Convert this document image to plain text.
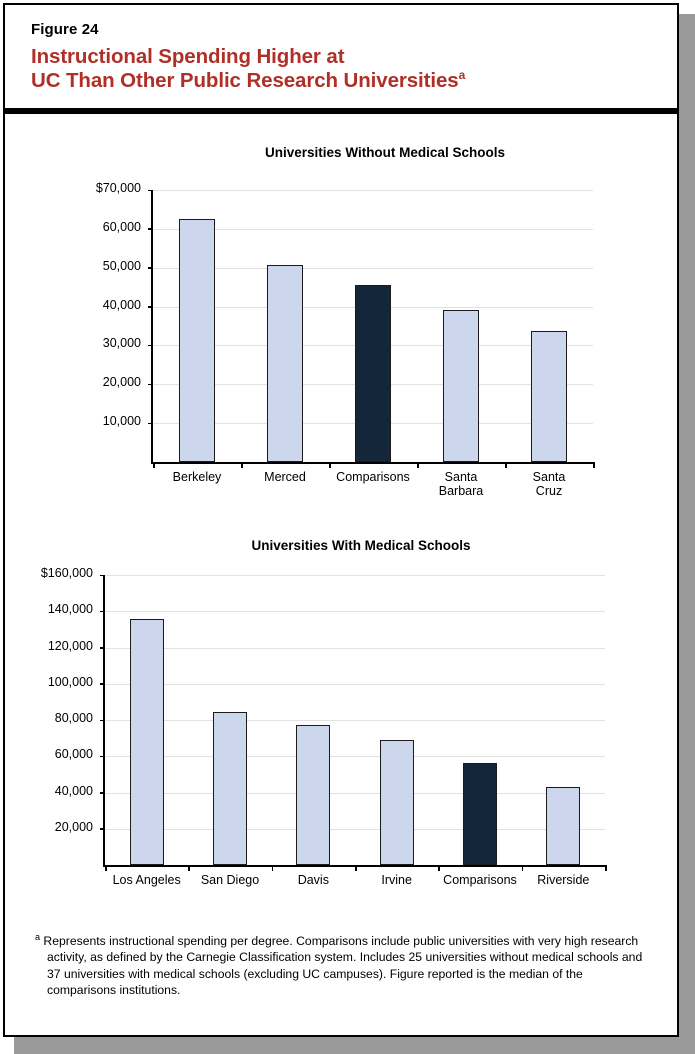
Figure 24
Instructional Spending Higher at
UC Than Other Public Research Universities$^a$
Universities Without Medical Schools
$70,000
60,000
50,000
40,000
30,000
20,000
10,000
Berkeley	Merced	Comparisons	Santa
Barbara
Santa
Cruz
Universities With Medical Schools
$160,000
140,000
120,000
100,000
80,000
60,000
40,000
20,000
Los Angeles	San Diego	Davis	Irvine	Comparisons	Riverside
$^a$ Represents instructional spending per degree. Comparisons include public universities with very high research activity, as defined by the Carnegie Classification system. Includes 25 universities without medical schools and 37 universities with medical schools (excluding UC campuses). Figure reported is the median of the comparisons institutions.
